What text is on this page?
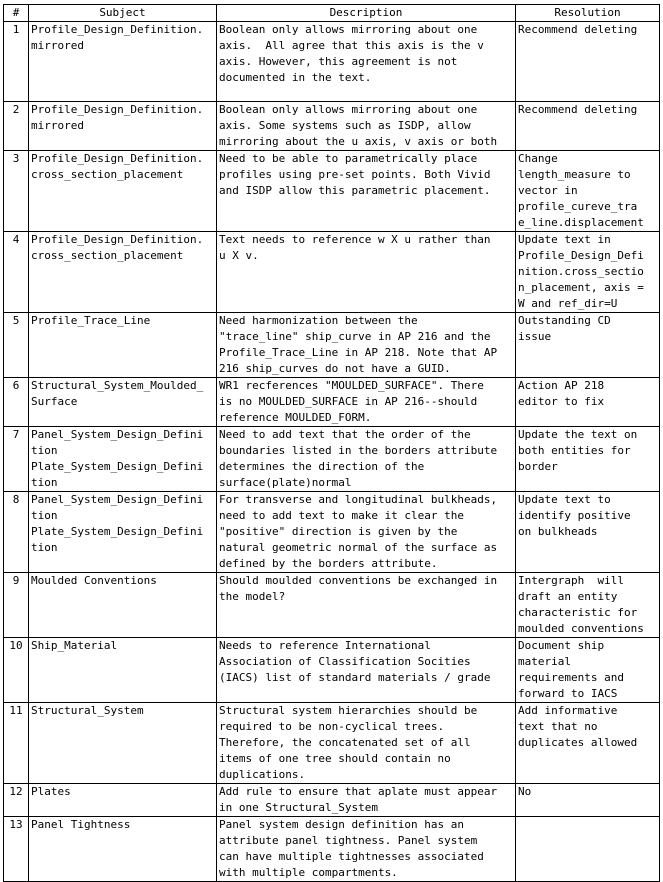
#	Subject	Description	Resolution
1	Profile_Design_Definition.
mirrored	Boolean only allows mirroring about one
axis.  All agree that this axis is the v
axis. However, this agreement is not
documented in the text.	Recommend deleting
2	Profile_Design_Definition.
mirrored	Boolean only allows mirroring about one
axis. Some systems such as ISDP, allow
mirroring about the u axis, v axis or both	Recommend deleting
3	Profile_Design_Definition.
cross_section_placement	Need to be able to parametrically place
profiles using pre-set points. Both Vivid
and ISDP allow this parametric placement.	Change
length_measure to
vector in
profile_cureve_tra
e_line.displacement
4	Profile_Design_Definition.
cross_section_placement	Text needs to reference w X u rather than
u X v.	Update text in
Profile_Design_Defi
nition.cross_sectio
n_placement, axis =
W and ref_dir=U
5	Profile_Trace_Line	Need harmonization between the
"trace_line" ship_curve in AP 216 and the
Profile_Trace_Line in AP 218. Note that AP
216 ship_curves do not have a GUID.	Outstanding CD
issue
6	Structural_System_Moulded_
Surface	WR1 recferences "MOULDED_SURFACE". There
is no MOULDED_SURFACE in AP 216--should
reference MOULDED_FORM.	Action AP 218
editor to fix
7	Panel_System_Design_Defini
tion
Plate_System_Design_Defini
tion	Need to add text that the order of the
boundaries listed in the borders attribute
determines the direction of the
surface(plate)normal	Update the text on
both entities for
border
8	Panel_System_Design_Defini
tion
Plate_System_Design_Defini
tion	For transverse and longitudinal bulkheads,
need to add text to make it clear the
"positive" direction is given by the
natural geometric normal of the surface as
defined by the borders attribute.	Update text to
identify positive
on bulkheads
9	Moulded Conventions	Should moulded conventions be exchanged in
the model?	Intergraph  will
draft an entity
characteristic for
moulded conventions
10	Ship_Material	Needs to reference International
Association of Classification Socities
(IACS) list of standard materials / grade	Document ship
material
requirements and
forward to IACS
11	Structural_System	Structural system hierarchies should be
required to be non-cyclical trees.
Therefore, the concatenated set of all
items of one tree should contain no
duplications.	Add informative
text that no
duplicates allowed
12	Plates	Add rule to ensure that aplate must appear
in one Structural_System	No
13	Panel Tightness	Panel system design definition has an
attribute panel tightness. Panel system
can have multiple tightnesses associated
with multiple compartments.	
